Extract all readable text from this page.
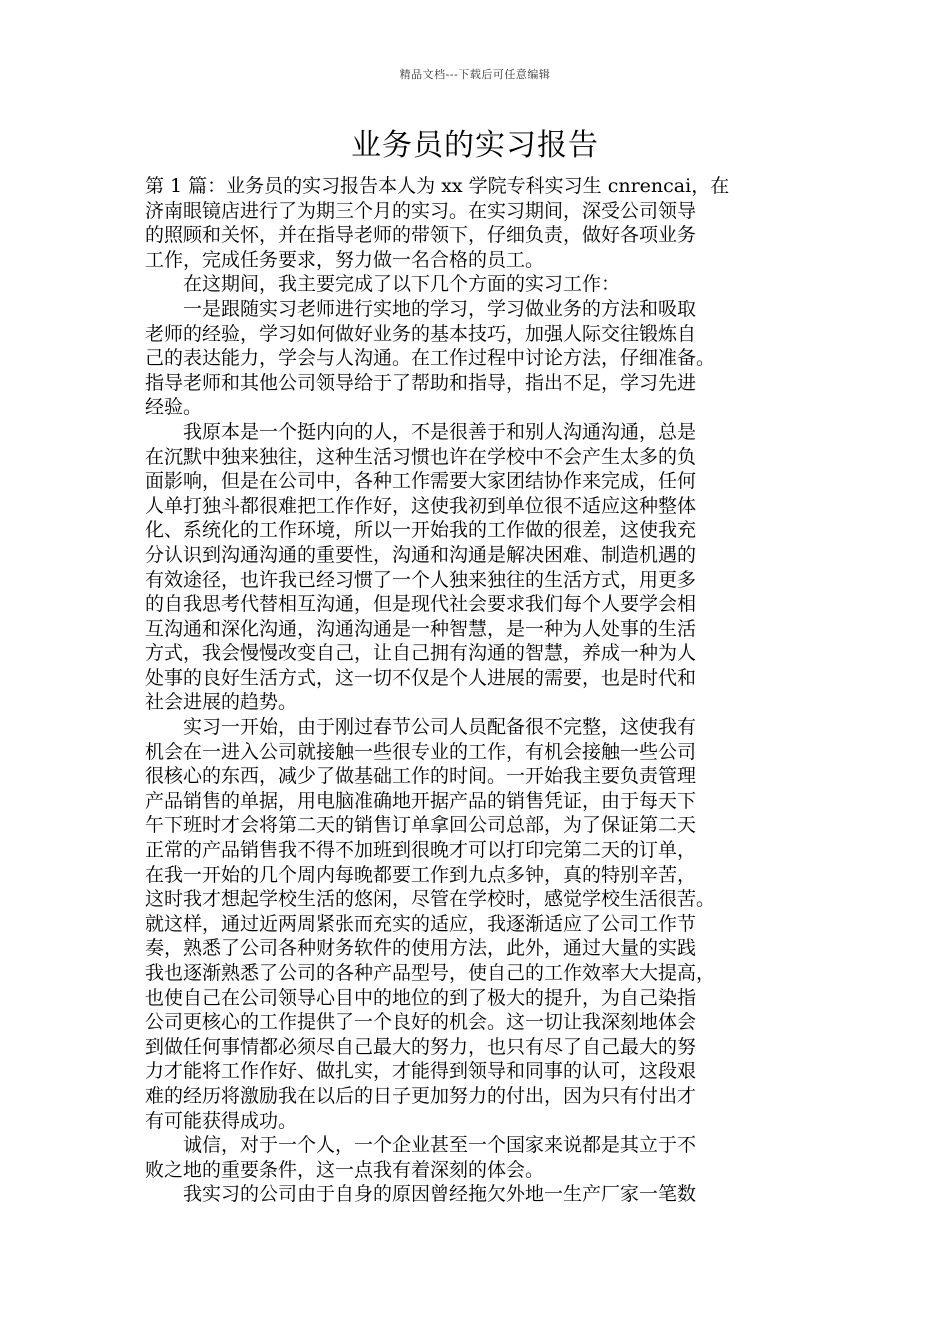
精品文档---下载后可任意编辑
业务员的实习报告
第 1 篇：业务员的实习报告本人为 xx 学院专科实习生 cnrencai，在
济南眼镜店进行了为期三个月的实习。在实习期间，深受公司领导
的照顾和关怀，并在指导老师的带领下，仔细负责，做好各项业务
工作，完成任务要求，努力做一名合格的员工。
　　在这期间，我主要完成了以下几个方面的实习工作：
　　一是跟随实习老师进行实地的学习，学习做业务的方法和吸取
老师的经验，学习如何做好业务的基本技巧，加强人际交往锻炼自
己的表达能力，学会与人沟通。在工作过程中讨论方法，仔细准备。
指导老师和其他公司领导给于了帮助和指导，指出不足，学习先进
经验。
　　我原本是一个挺内向的人，不是很善于和别人沟通沟通，总是
在沉默中独来独往，这种生活习惯也许在学校中不会产生太多的负
面影响，但是在公司中，各种工作需要大家团结协作来完成，任何
人单打独斗都很难把工作作好，这使我初到单位很不适应这种整体
化、系统化的工作环境，所以一开始我的工作做的很差，这使我充
分认识到沟通沟通的重要性，沟通和沟通是解决困难、制造机遇的
有效途径，也许我已经习惯了一个人独来独往的生活方式，用更多
的自我思考代替相互沟通，但是现代社会要求我们每个人要学会相
互沟通和深化沟通，沟通沟通是一种智慧，是一种为人处事的生活
方式，我会慢慢改变自己，让自己拥有沟通的智慧，养成一种为人
处事的良好生活方式，这一切不仅是个人进展的需要，也是时代和
社会进展的趋势。
　　实习一开始，由于刚过春节公司人员配备很不完整，这使我有
机会在一进入公司就接触一些很专业的工作，有机会接触一些公司
很核心的东西，减少了做基础工作的时间。一开始我主要负责管理
产品销售的单据，用电脑准确地开据产品的销售凭证，由于每天下
午下班时才会将第二天的销售订单拿回公司总部，为了保证第二天
正常的产品销售我不得不加班到很晚才可以打印完第二天的订单，
在我一开始的几个周内每晚都要工作到九点多钟，真的特别辛苦，
这时我才想起学校生活的悠闲，尽管在学校时，感觉学校生活很苦。
就这样，通过近两周紧张而充实的适应，我逐渐适应了公司工作节
奏，熟悉了公司各种财务软件的使用方法，此外，通过大量的实践
我也逐渐熟悉了公司的各种产品型号，使自己的工作效率大大提高，
也使自己在公司领导心目中的地位的到了极大的提升，为自己染指
公司更核心的工作提供了一个良好的机会。这一切让我深刻地体会
到做任何事情都必须尽自己最大的努力，也只有尽了自己最大的努
力才能将工作作好、做扎实，才能得到领导和同事的认可，这段艰
难的经历将激励我在以后的日子更加努力的付出，因为只有付出才
有可能获得成功。
　　诚信，对于一个人，一个企业甚至一个国家来说都是其立于不
败之地的重要条件，这一点我有着深刻的体会。
　　我实习的公司由于自身的原因曾经拖欠外地一生产厂家一笔数
